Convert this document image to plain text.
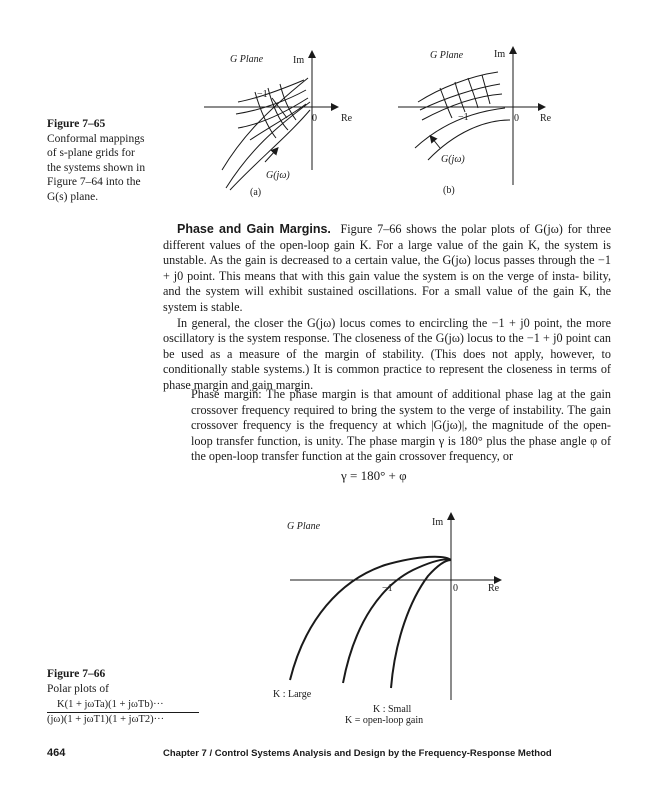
Figure 7–65
Conformal mappings
of s-plane grids for
the systems shown in
Figure 7–64 into the
G(s) plane.
G Plane	Im
Re
0
−1
G(jω)
(a)
G Plane	Im
Re
0
−1
G(jω)
(b)

Phase and Gain Margins. Figure 7–66 shows the polar plots of G(jω) for three different values of the open-loop gain K. For a large value of the gain K, the system is unstable. As the gain is decreased to a certain value, the G(jω) locus passes through the −1 + j0 point. This means that with this gain value the system is on the verge of insta- bility, and the system will exhibit sustained oscillations. For a small value of the gain K, the system is stable.

In general, the closer the G(jω) locus comes to encircling the −1 + j0 point, the more oscillatory is the system response. The closeness of the G(jω) locus to the −1 + j0 point can be used as a measure of the margin of stability. (This does not apply, however, to conditionally stable systems.) It is common practice to represent the closeness in terms of phase margin and gain margin.

Phase margin: The phase margin is that amount of additional phase lag at the gain crossover frequency required to bring the system to the verge of instability. The gain crossover frequency is the frequency at which |G(jω)|, the magnitude of the open- loop transfer function, is unity. The phase margin γ is 180° plus the phase angle φ of the open-loop transfer function at the gain crossover frequency, or

γ = 180° + φ
Figure 7–66
Polar plots of
K(1 + jωTa)(1 + jωTb)···
(jω)(1 + jωT1)(1 + jωT2)···
G Plane	Im
Re
0
−1
K : Large
K : Small
K = open-loop gain
464	Chapter 7 / Control Systems Analysis and Design by the Frequency-Response Method
